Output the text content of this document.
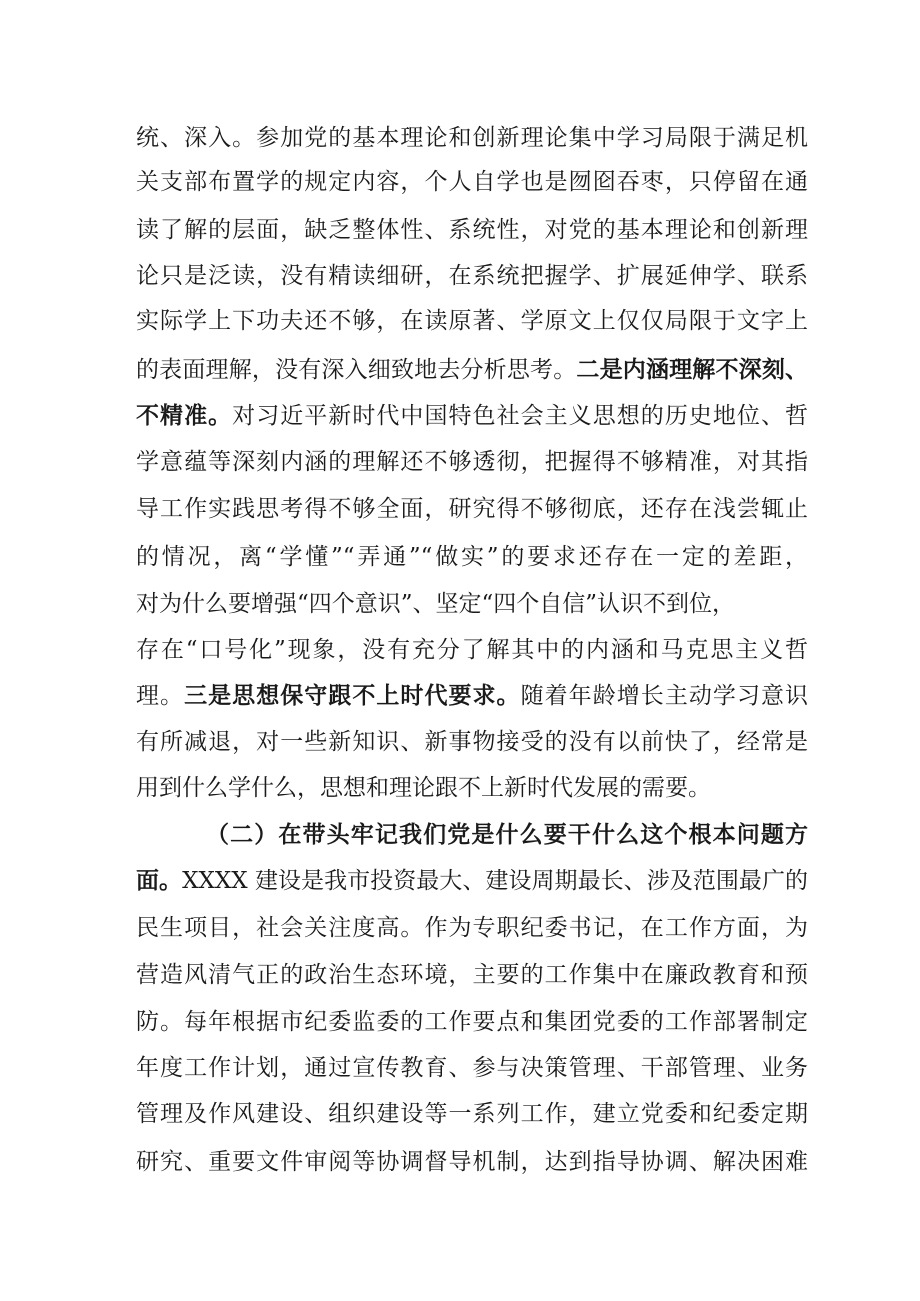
统、深入。参加党的基本理论和创新理论集中学习局限于满足机
关支部布置学的规定内容，个人自学也是囫囵吞枣，只停留在通
读了解的层面，缺乏整体性、系统性，对党的基本理论和创新理
论只是泛读，没有精读细研，在系统把握学、扩展延伸学、联系
实际学上下功夫还不够，在读原著、学原文上仅仅局限于文字上
的表面理解，没有深入细致地去分析思考。二是内涵理解不深刻、
不精准。对习近平新时代中国特色社会主义思想的历史地位、哲
学意蕴等深刻内涵的理解还不够透彻，把握得不够精准，对其指
导工作实践思考得不够全面，研究得不够彻底，还存在浅尝辄止
的情况，离“学懂”“弄通”“做实”的要求还存在一定的差距，
对为什么要增强“四个意识”、坚定“四个自信”认识不到位，
存在“口号化”现象，没有充分了解其中的内涵和马克思主义哲
理。三是思想保守跟不上时代要求。随着年龄增长主动学习意识
有所减退，对一些新知识、新事物接受的没有以前快了，经常是
用到什么学什么，思想和理论跟不上新时代发展的需要。
（二）在带头牢记我们党是什么要干什么这个根本问题方
面。XXXX 建设是我市投资最大、建设周期最长、涉及范围最广的
民生项目，社会关注度高。作为专职纪委书记，在工作方面，为
营造风清气正的政治生态环境，主要的工作集中在廉政教育和预
防。每年根据市纪委监委的工作要点和集团党委的工作部署制定
年度工作计划，通过宣传教育、参与决策管理、干部管理、业务
管理及作风建设、组织建设等一系列工作，建立党委和纪委定期
研究、重要文件审阅等协调督导机制，达到指导协调、解决困难
